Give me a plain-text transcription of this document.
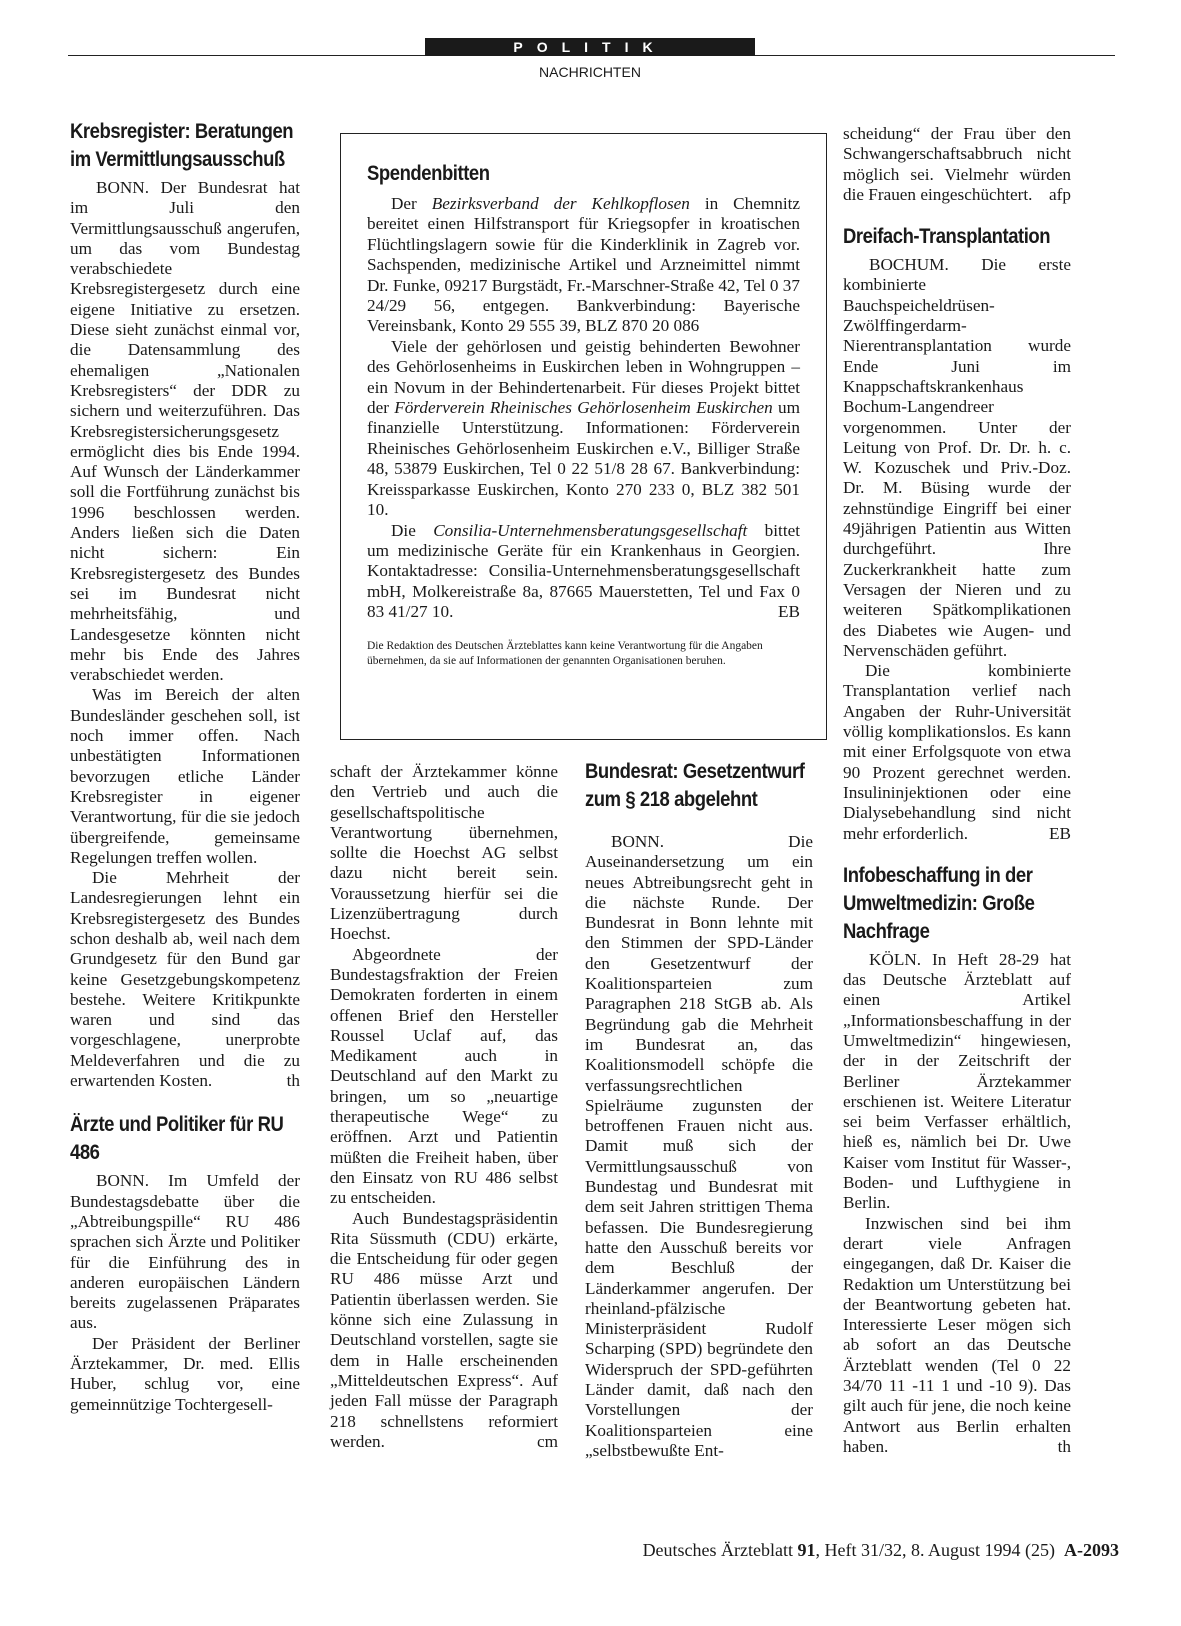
POLITIK
NACHRICHTEN
Krebsregister: Beratungen im Vermittlungsausschuß

BONN. Der Bundesrat hat im Juli den Vermittlungsausschuß angerufen, um das vom Bundestag verabschiedete Krebsregistergesetz durch eine eigene Initiative zu ersetzen. Diese sieht zunächst einmal vor, die Datensammlung des ehemaligen „Nationalen Krebsregisters“ der DDR zu sichern und weiterzuführen. Das Krebsregistersicherungsgesetz ermöglicht dies bis Ende 1994. Auf Wunsch der Länderkammer soll die Fortführung zunächst bis 1996 beschlossen werden. Anders ließen sich die Daten nicht sichern: Ein Krebsregistergesetz des Bundes sei im Bundesrat nicht mehrheitsfähig, und Landesgesetze könnten nicht mehr bis Ende des Jahres verabschiedet werden.

Was im Bereich der alten Bundesländer geschehen soll, ist noch immer offen. Nach unbestätigten Informationen bevorzugen etliche Länder Krebsregister in eigener Verantwortung, für die sie jedoch übergreifende, gemeinsame Regelungen treffen wollen.

Die Mehrheit der Landesregierungen lehnt ein Krebsregistergesetz des Bundes schon deshalb ab, weil nach dem Grundgesetz für den Bund gar keine Gesetzgebungskompetenz bestehe. Weitere Kritikpunkte waren und sind das vorgeschlagene, unerprobte Meldeverfahren und die zu erwartenden Kosten.	th

Ärzte und Politiker für RU 486

BONN. Im Umfeld der Bundestagsdebatte über die „Abtreibungspille“ RU 486 sprachen sich Ärzte und Politiker für die Einführung des in anderen europäischen Ländern bereits zugelassenen Präparates aus.

Der Präsident der Berliner Ärztekammer, Dr. med. Ellis Huber, schlug vor, eine gemeinnützige Tochtergesell-

Spendenbitten

Der Bezirksverband der Kehlkopflosen in Chemnitz bereitet einen Hilfstransport für Kriegsopfer in kroatischen Flüchtlingslagern sowie für die Kinderklinik in Zagreb vor. Sachspenden, medizinische Artikel und Arzneimittel nimmt Dr. Funke, 09217 Burgstädt, Fr.-Marschner-Straße 42, Tel 0 37 24/29 56, entgegen. Bankverbindung: Bayerische Vereinsbank, Konto 29 555 39, BLZ 870 20 086

Viele der gehörlosen und geistig behinderten Bewohner des Gehörlosenheims in Euskirchen leben in Wohngruppen – ein Novum in der Behindertenarbeit. Für dieses Projekt bittet der Förderverein Rheinisches Gehörlosenheim Euskirchen um finanzielle Unterstützung. Informationen: Förderverein Rheinisches Gehörlosenheim Euskirchen e.V., Billiger Straße 48, 53879 Euskirchen, Tel 0 22 51/8 28 67. Bankverbindung: Kreissparkasse Euskirchen, Konto 270 233 0, BLZ 382 501 10.

Die Consilia-Unternehmensberatungsgesellschaft bittet um medizinische Geräte für ein Krankenhaus in Georgien. Kontaktadresse: Consilia-Unternehmensberatungsgesellschaft mbH, Molkereistraße 8a, 87665 Mauerstetten, Tel und Fax 0 83 41/27 10.	EB

Die Redaktion des Deutschen Ärzteblattes kann keine Verantwortung für die Angaben übernehmen, da sie auf Informationen der genannten Organisationen beruhen.

schaft der Ärztekammer könne den Vertrieb und auch die gesellschaftspolitische Verantwortung übernehmen, sollte die Hoechst AG selbst dazu nicht bereit sein. Voraussetzung hierfür sei die Lizenzübertragung durch Hoechst.

Abgeordnete der Bundestagsfraktion der Freien Demokraten forderten in einem offenen Brief den Hersteller Roussel Uclaf auf, das Medikament auch in Deutschland auf den Markt zu bringen, um so „neuartige therapeutische Wege“ zu eröffnen. Arzt und Patientin müßten die Freiheit haben, über den Einsatz von RU 486 selbst zu entscheiden.

Auch Bundestagspräsidentin Rita Süssmuth (CDU) erkärte, die Entscheidung für oder gegen RU 486 müsse Arzt und Patientin überlassen werden. Sie könne sich eine Zulassung in Deutschland vorstellen, sagte sie dem in Halle erscheinenden „Mitteldeutschen Express“. Auf jeden Fall müsse der Paragraph 218 schnellstens reformiert werden.	cm

Bundesrat: Gesetzentwurf zum § 218 abgelehnt

BONN. Die Auseinandersetzung um ein neues Abtreibungsrecht geht in die nächste Runde. Der Bundesrat in Bonn lehnte mit den Stimmen der SPD-Länder den Gesetzentwurf der Koalitionsparteien zum Paragraphen 218 StGB ab. Als Begründung gab die Mehrheit im Bundesrat an, das Koalitionsmodell schöpfe die verfassungsrechtlichen Spielräume zugunsten der betroffenen Frauen nicht aus. Damit muß sich der Vermittlungsausschuß von Bundestag und Bundesrat mit dem seit Jahren strittigen Thema befassen. Die Bundesregierung hatte den Ausschuß bereits vor dem Beschluß der Länderkammer angerufen. Der rheinland-pfälzische Ministerpräsident Rudolf Scharping (SPD) begründete den Widerspruch der SPD-geführten Länder damit, daß nach den Vorstellungen der Koalitionsparteien eine „selbstbewußte Ent-

scheidung“ der Frau über den Schwangerschaftsabbruch nicht möglich sei. Vielmehr würden die Frauen eingeschüchtert. afp

Dreifach-Transplantation

BOCHUM. Die erste kombinierte Bauchspeicheldrüsen-Zwölffingerdarm-Nierentransplantation wurde Ende Juni im Knappschaftskrankenhaus Bochum-Langendreer vorgenommen. Unter der Leitung von Prof. Dr. Dr. h. c. W. Kozuschek und Priv.-Doz. Dr. M. Büsing wurde der zehnstündige Eingriff bei einer 49jährigen Patientin aus Witten durchgeführt. Ihre Zuckerkrankheit hatte zum Versagen der Nieren und zu weiteren Spätkomplikationen des Diabetes wie Augen- und Nervenschäden geführt.

Die kombinierte Transplantation verlief nach Angaben der Ruhr-Universität völlig komplikationslos. Es kann mit einer Erfolgsquote von etwa 90 Prozent gerechnet werden. Insulininjektionen oder eine Dialysebehandlung sind nicht mehr erforderlich.	EB

Infobeschaffung in der Umweltmedizin: Große Nachfrage

KÖLN. In Heft 28-29 hat das Deutsche Ärzteblatt auf einen Artikel „Informationsbeschaffung in der Umweltmedizin“ hingewiesen, der in der Zeitschrift der Berliner Ärztekammer erschienen ist. Weitere Literatur sei beim Verfasser erhältlich, hieß es, nämlich bei Dr. Uwe Kaiser vom Institut für Wasser-, Boden- und Lufthygiene in Berlin.

Inzwischen sind bei ihm derart viele Anfragen eingegangen, daß Dr. Kaiser die Redaktion um Unterstützung bei der Beantwortung gebeten hat. Interessierte Leser mögen sich ab sofort an das Deutsche Ärzteblatt wenden (Tel 0 22 34/70 11 -11 1 und -10 9). Das gilt auch für jene, die noch keine Antwort aus Berlin erhalten haben.	th

Deutsches Ärzteblatt 91, Heft 31/32, 8. August 1994 (25) A-2093
